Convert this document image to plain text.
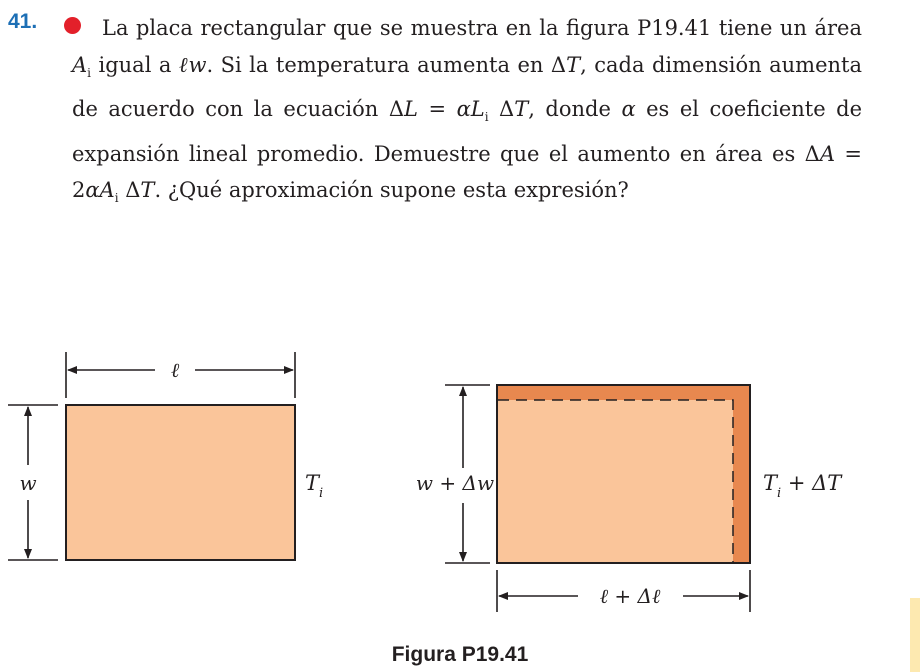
41.	La placa rectangular que se muestra en la figura P19.41 tiene un área $A_i$ igual a ℓw. Si la temperatura aumenta en ΔT, cada dimensión aumenta de acuerdo con la ecuación $\Delta L = \alpha L_i$ ΔT, donde α es el coeficiente de expansión lineal promedio. Demuestre que el aumento en área es $\Delta A = 2\alpha A_i$ ΔT. ¿Qué aproximación supone esta expresión?
ℓ
w	$T_i$	w + Δw
ℓ + Δℓ
$T_i + \Delta T$
Figura P19.41
